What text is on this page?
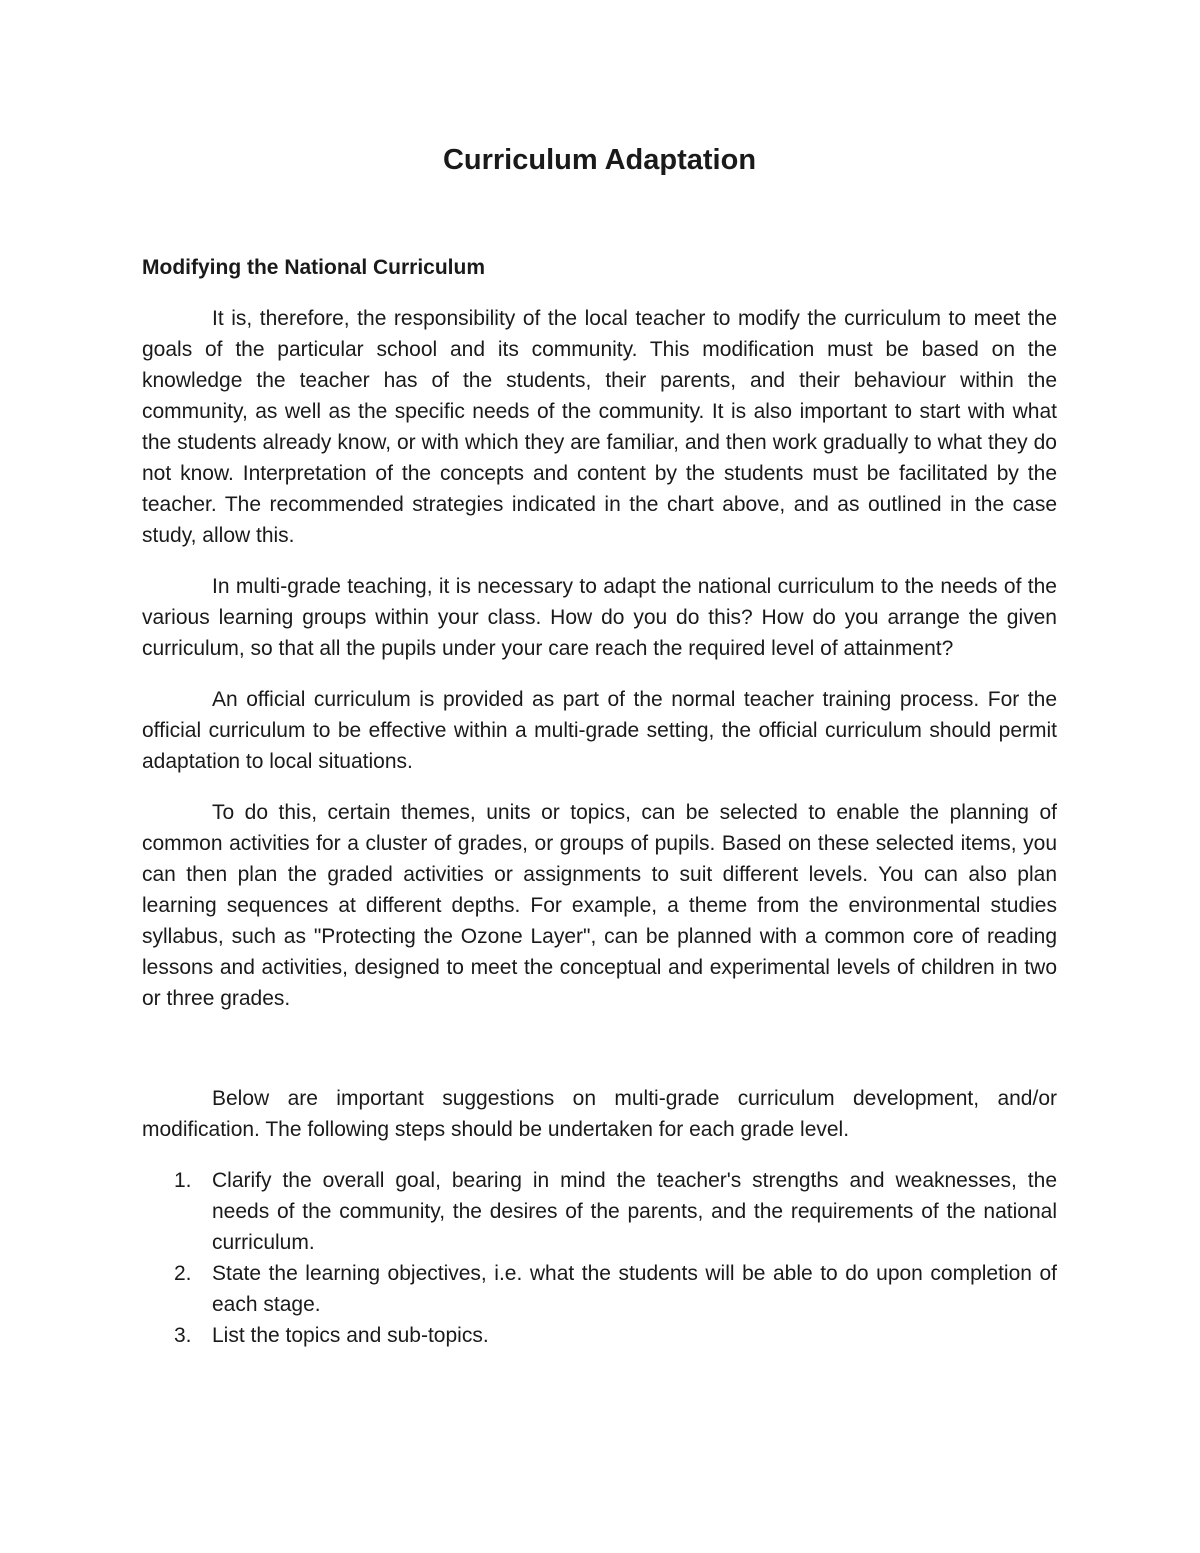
Curriculum Adaptation
Modifying the National Curriculum

It is, therefore, the responsibility of the local teacher to modify the curriculum to meet the goals of the particular school and its community. This modification must be based on the knowledge the teacher has of the students, their parents, and their behaviour within the community, as well as the specific needs of the community. It is also important to start with what the students already know, or with which they are familiar, and then work gradually to what they do not know. Interpretation of the concepts and content by the students must be facilitated by the teacher. The recommended strategies indicated in the chart above, and as outlined in the case study, allow this.

In multi-grade teaching, it is necessary to adapt the national curriculum to the needs of the various learning groups within your class. How do you do this? How do you arrange the given curriculum, so that all the pupils under your care reach the required level of attainment?

An official curriculum is provided as part of the normal teacher training process. For the official curriculum to be effective within a multi-grade setting, the official curriculum should permit adaptation to local situations.

To do this, certain themes, units or topics, can be selected to enable the planning of common activities for a cluster of grades, or groups of pupils. Based on these selected items, you can then plan the graded activities or assignments to suit different levels. You can also plan learning sequences at different depths. For example, a theme from the environmental studies syllabus, such as "Protecting the Ozone Layer", can be planned with a common core of reading lessons and activities, designed to meet the conceptual and experimental levels of children in two or three grades.

Below are important suggestions on multi-grade curriculum development, and/or modification. The following steps should be undertaken for each grade level.

1. Clarify the overall goal, bearing in mind the teacher's strengths and weaknesses, the needs of the community, the desires of the parents, and the requirements of the national curriculum.
2. State the learning objectives, i.e. what the students will be able to do upon completion of each stage.
3. List the topics and sub-topics.
